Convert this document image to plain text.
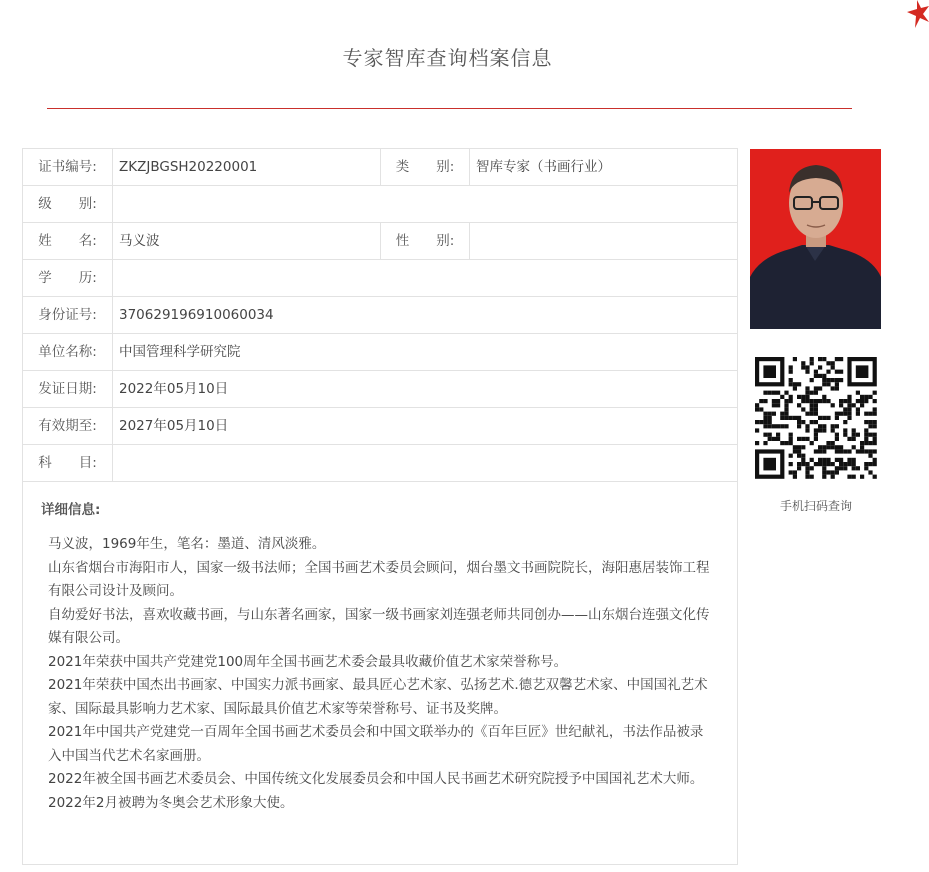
专家智库查询档案信息
证书编号:	ZKZJBGSH20220001	类　　别:	智库专家（书画行业）
级　　别:
姓　　名:	马义波	性　　别:
学　　历:
身份证号:	370629196910060034
单位名称:	中国管理科学研究院
发证日期:	2022年05月10日
有效期至:	2027年05月10日
科　　目:
详细信息:

马义波，1969年生，笔名：墨道、清风淡雅。

山东省烟台市海阳市人，国家一级书法师；全国书画艺术委员会顾问，烟台墨文书画院院长，海阳惠居装饰工程有限公司设计及顾问。

自幼爱好书法，喜欢收藏书画，与山东著名画家，国家一级书画家刘连强老师共同创办——山东烟台连强文化传媒有限公司。

2021年荣获中国共产党建党100周年全国书画艺术委会最具收藏价值艺术家荣誉称号。

2021年荣获中国杰出书画家、中国实力派书画家、最具匠心艺术家、弘扬艺术.德艺双馨艺术家、中国国礼艺术家、国际最具影响力艺术家、国际最具价值艺术家等荣誉称号、证书及奖牌。

2021年中国共产党建党一百周年全国书画艺术委员会和中国文联举办的《百年巨匠》世纪献礼，书法作品被录入中国当代艺术名家画册。

2022年被全国书画艺术委员会、中国传统文化发展委员会和中国人民书画艺术研究院授予中国国礼艺术大师。

2022年2月被聘为冬奥会艺术形象大使。

手机扫码查询
